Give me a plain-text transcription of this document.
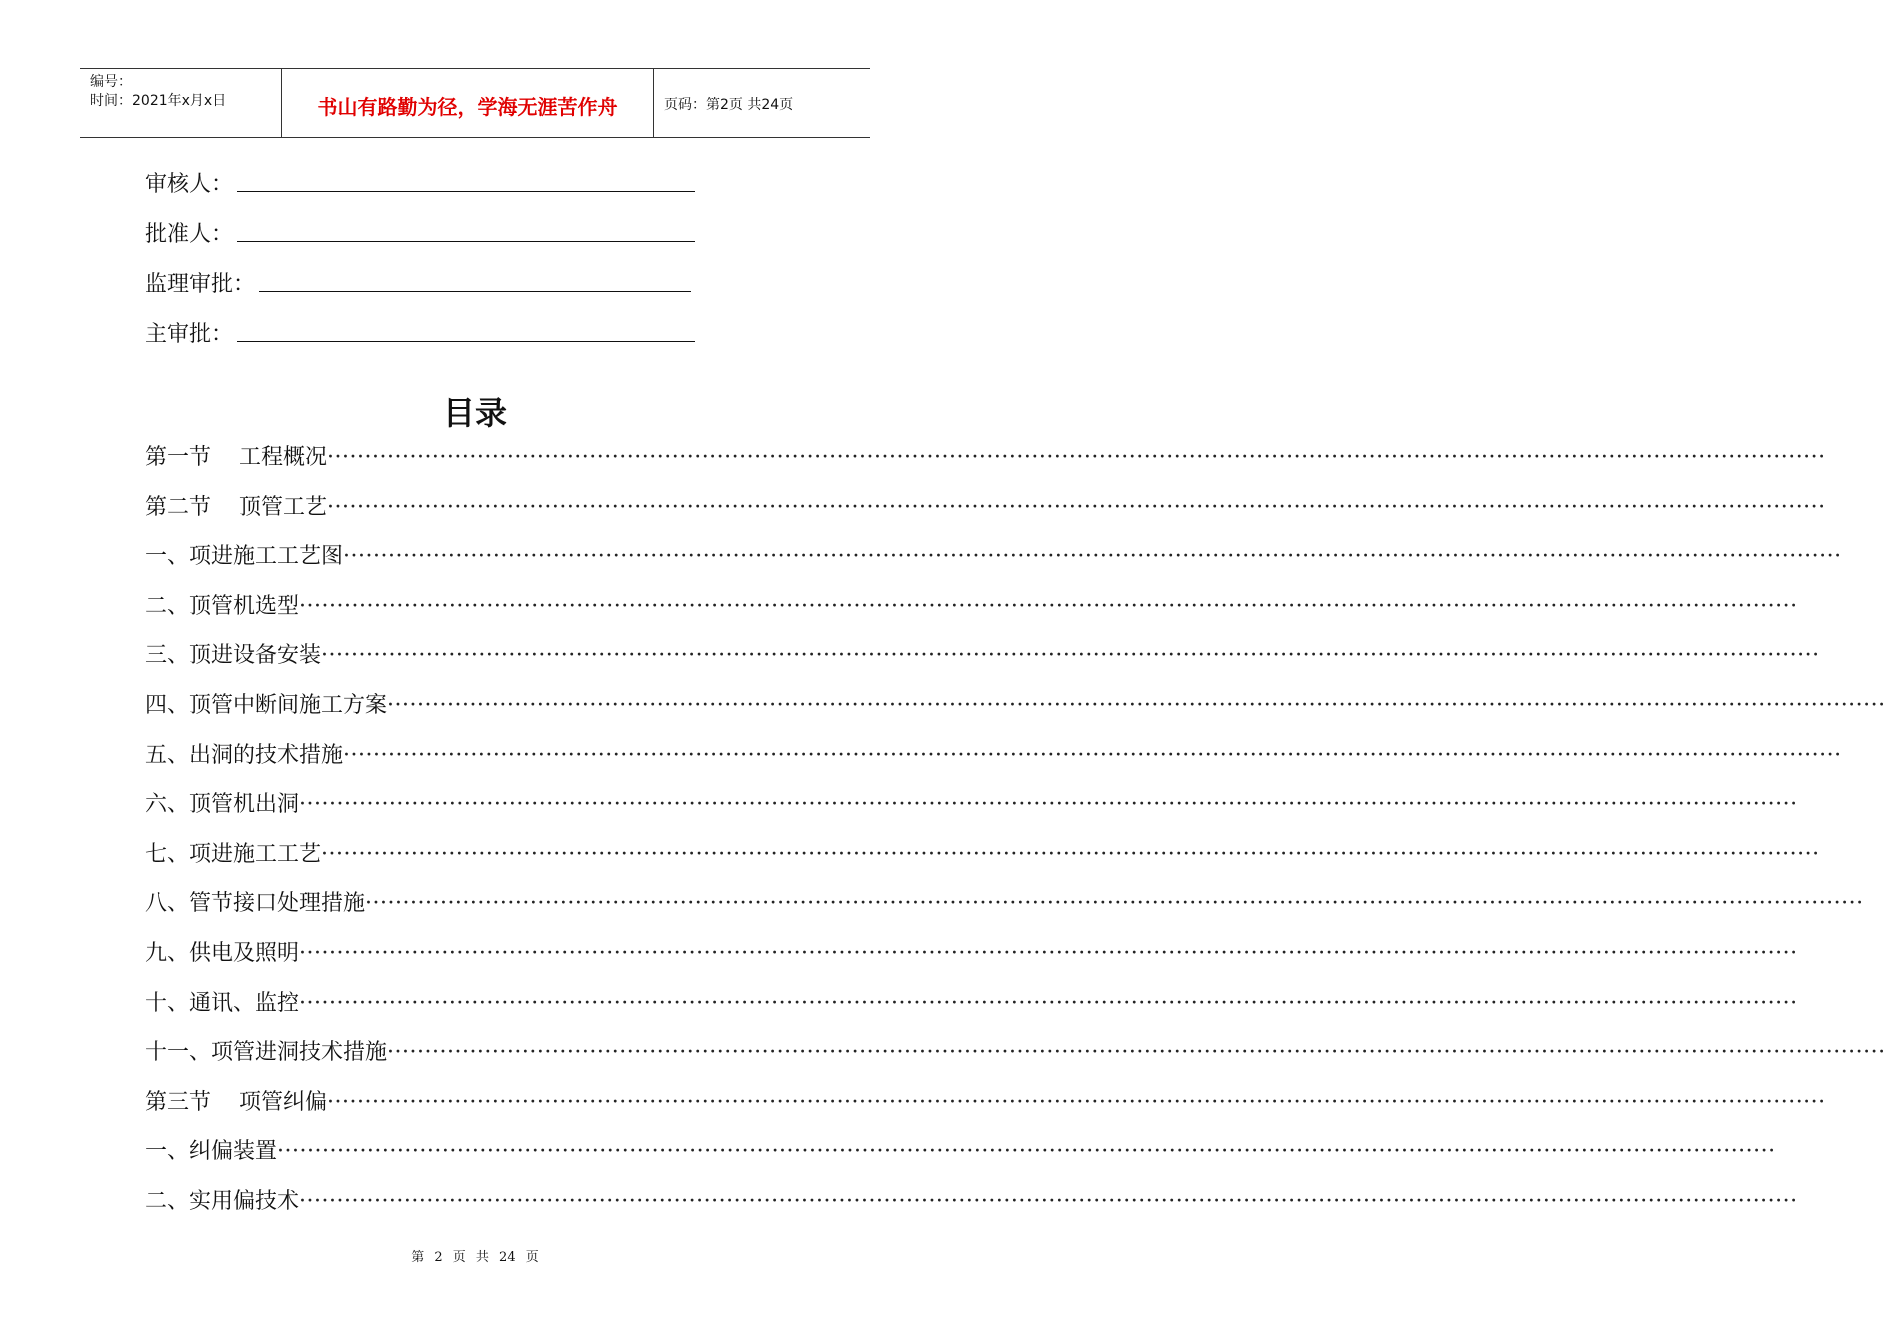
编号：
时间：2021年x月x日	书山有路勤为径，学海无涯苦作舟	页码：第2页 共24页
审核人：
批准人：
监理审批：
主审批：
目录
第一节 工程概况········································································································································································································
第二节 顶管工艺········································································································································································································
一、项进施工工艺图········································································································································································································
二、顶管机选型········································································································································································································
三、顶进设备安装········································································································································································································
四、顶管中断间施工方案········································································································································································································
五、出洞的技术措施········································································································································································································
六、顶管机出洞········································································································································································································
七、项进施工工艺········································································································································································································
八、管节接口处理措施········································································································································································································
九、供电及照明········································································································································································································
十、通讯、监控········································································································································································································
十一、项管进洞技术措施········································································································································································································
第三节 项管纠偏········································································································································································································
一、纠偏装置········································································································································································································
二、实用偏技术········································································································································································································
第 2 页 共 24 页
